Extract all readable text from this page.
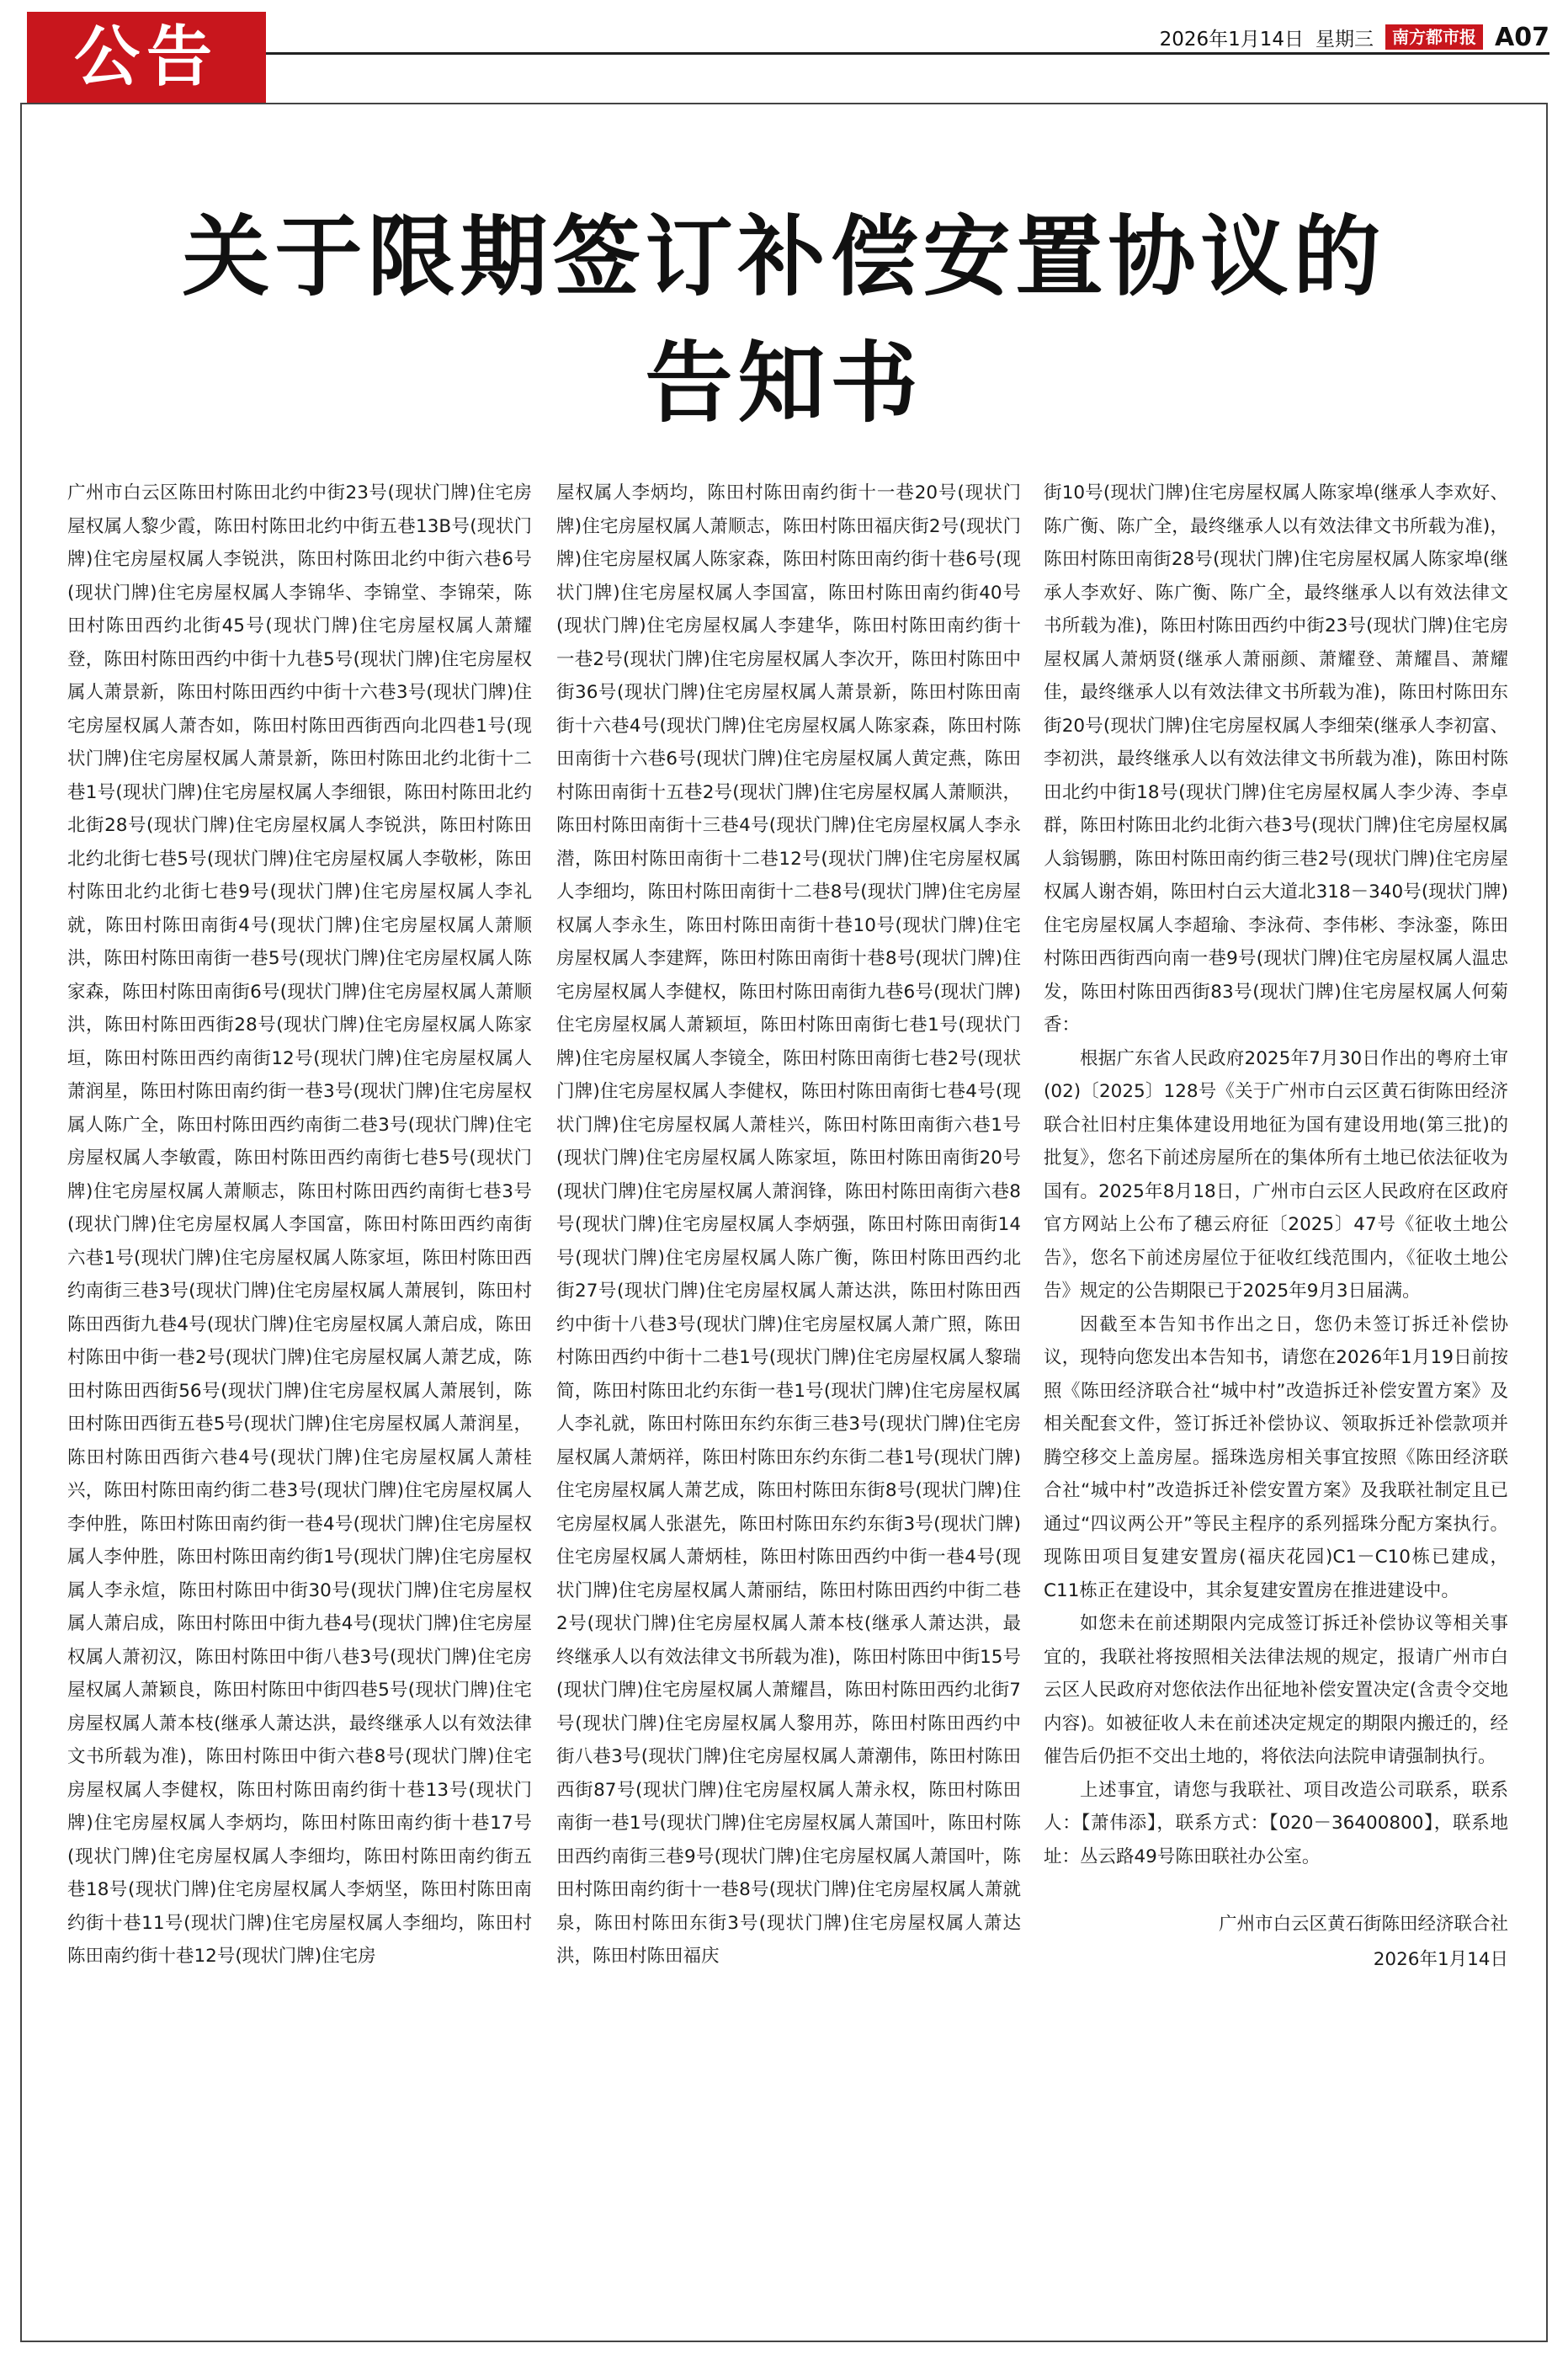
公告	2026年1月14日 星期三	南方都市报 A07
关于限期签订补偿安置协议的
告知书

广州市白云区陈田村陈田北约中街23号(现状门牌)住宅房屋权属人黎少霞，陈田村陈田北约中街五巷13B号(现状门牌)住宅房屋权属人李锐洪，陈田村陈田北约中街六巷6号(现状门牌)住宅房屋权属人李锦华、李锦堂、李锦荣，陈田村陈田西约北街45号(现状门牌)住宅房屋权属人萧耀登，陈田村陈田西约中街十九巷5号(现状门牌)住宅房屋权属人萧景新，陈田村陈田西约中街十六巷3号(现状门牌)住宅房屋权属人萧杏如，陈田村陈田西街西向北四巷1号(现状门牌)住宅房屋权属人萧景新，陈田村陈田北约北街十二巷1号(现状门牌)住宅房屋权属人李细银，陈田村陈田北约北街28号(现状门牌)住宅房屋权属人李锐洪，陈田村陈田北约北街七巷5号(现状门牌)住宅房屋权属人李敬彬，陈田村陈田北约北街七巷9号(现状门牌)住宅房屋权属人李礼就，陈田村陈田南街4号(现状门牌)住宅房屋权属人萧顺洪，陈田村陈田南街一巷5号(现状门牌)住宅房屋权属人陈家森，陈田村陈田南街6号(现状门牌)住宅房屋权属人萧顺洪，陈田村陈田西街28号(现状门牌)住宅房屋权属人陈家垣，陈田村陈田西约南街12号(现状门牌)住宅房屋权属人萧润星，陈田村陈田南约街一巷3号(现状门牌)住宅房屋权属人陈广全，陈田村陈田西约南街二巷3号(现状门牌)住宅房屋权属人李敏霞，陈田村陈田西约南街七巷5号(现状门牌)住宅房屋权属人萧顺志，陈田村陈田西约南街七巷3号(现状门牌)住宅房屋权属人李国富，陈田村陈田西约南街六巷1号(现状门牌)住宅房屋权属人陈家垣，陈田村陈田西约南街三巷3号(现状门牌)住宅房屋权属人萧展钊，陈田村陈田西街九巷4号(现状门牌)住宅房屋权属人萧启成，陈田村陈田中街一巷2号(现状门牌)住宅房屋权属人萧艺成，陈田村陈田西街56号(现状门牌)住宅房屋权属人萧展钊，陈田村陈田西街五巷5号(现状门牌)住宅房屋权属人萧润星，陈田村陈田西街六巷4号(现状门牌)住宅房屋权属人萧桂兴，陈田村陈田南约街二巷3号(现状门牌)住宅房屋权属人李仲胜，陈田村陈田南约街一巷4号(现状门牌)住宅房屋权属人李仲胜，陈田村陈田南约街1号(现状门牌)住宅房屋权属人李永煊，陈田村陈田中街30号(现状门牌)住宅房屋权属人萧启成，陈田村陈田中街九巷4号(现状门牌)住宅房屋权属人萧初汉，陈田村陈田中街八巷3号(现状门牌)住宅房屋权属人萧颖良，陈田村陈田中街四巷5号(现状门牌)住宅房屋权属人萧本枝(继承人萧达洪，最终继承人以有效法律文书所载为准)，陈田村陈田中街六巷8号(现状门牌)住宅房屋权属人李健权，陈田村陈田南约街十巷13号(现状门牌)住宅房屋权属人李炳均，陈田村陈田南约街十巷17号(现状门牌)住宅房屋权属人李细均，陈田村陈田南约街五巷18号(现状门牌)住宅房屋权属人李炳坚，陈田村陈田南约街十巷11号(现状门牌)住宅房屋权属人李细均，陈田村陈田南约街十巷12号(现状门牌)住宅房

屋权属人李炳均，陈田村陈田南约街十一巷20号(现状门牌)住宅房屋权属人萧顺志，陈田村陈田福庆街2号(现状门牌)住宅房屋权属人陈家森，陈田村陈田南约街十巷6号(现状门牌)住宅房屋权属人李国富，陈田村陈田南约街40号(现状门牌)住宅房屋权属人李建华，陈田村陈田南约街十一巷2号(现状门牌)住宅房屋权属人李次开，陈田村陈田中街36号(现状门牌)住宅房屋权属人萧景新，陈田村陈田南街十六巷4号(现状门牌)住宅房屋权属人陈家森，陈田村陈田南街十六巷6号(现状门牌)住宅房屋权属人黄定燕，陈田村陈田南街十五巷2号(现状门牌)住宅房屋权属人萧顺洪，陈田村陈田南街十三巷4号(现状门牌)住宅房屋权属人李永潜，陈田村陈田南街十二巷12号(现状门牌)住宅房屋权属人李细均，陈田村陈田南街十二巷8号(现状门牌)住宅房屋权属人李永生，陈田村陈田南街十巷10号(现状门牌)住宅房屋权属人李建辉，陈田村陈田南街十巷8号(现状门牌)住宅房屋权属人李健权，陈田村陈田南街九巷6号(现状门牌)住宅房屋权属人萧颖垣，陈田村陈田南街七巷1号(现状门牌)住宅房屋权属人李镜全，陈田村陈田南街七巷2号(现状门牌)住宅房屋权属人李健权，陈田村陈田南街七巷4号(现状门牌)住宅房屋权属人萧桂兴，陈田村陈田南街六巷1号(现状门牌)住宅房屋权属人陈家垣，陈田村陈田南街20号(现状门牌)住宅房屋权属人萧润锋，陈田村陈田南街六巷8号(现状门牌)住宅房屋权属人李炳强，陈田村陈田南街14号(现状门牌)住宅房屋权属人陈广衡，陈田村陈田西约北街27号(现状门牌)住宅房屋权属人萧达洪，陈田村陈田西约中街十八巷3号(现状门牌)住宅房屋权属人萧广照，陈田村陈田西约中街十二巷1号(现状门牌)住宅房屋权属人黎瑞简，陈田村陈田北约东街一巷1号(现状门牌)住宅房屋权属人李礼就，陈田村陈田东约东街三巷3号(现状门牌)住宅房屋权属人萧炳祥，陈田村陈田东约东街二巷1号(现状门牌)住宅房屋权属人萧艺成，陈田村陈田东街8号(现状门牌)住宅房屋权属人张湛先，陈田村陈田东约东街3号(现状门牌)住宅房屋权属人萧炳桂，陈田村陈田西约中街一巷4号(现状门牌)住宅房屋权属人萧丽结，陈田村陈田西约中街二巷2号(现状门牌)住宅房屋权属人萧本枝(继承人萧达洪，最终继承人以有效法律文书所载为准)，陈田村陈田中街15号(现状门牌)住宅房屋权属人萧耀昌，陈田村陈田西约北街7号(现状门牌)住宅房屋权属人黎用苏，陈田村陈田西约中街八巷3号(现状门牌)住宅房屋权属人萧潮伟，陈田村陈田西街87号(现状门牌)住宅房屋权属人萧永权，陈田村陈田南街一巷1号(现状门牌)住宅房屋权属人萧国叶，陈田村陈田西约南街三巷9号(现状门牌)住宅房屋权属人萧国叶，陈田村陈田南约街十一巷8号(现状门牌)住宅房屋权属人萧就泉，陈田村陈田东街3号(现状门牌)住宅房屋权属人萧达洪，陈田村陈田福庆

街10号(现状门牌)住宅房屋权属人陈家埠(继承人李欢好、陈广衡、陈广全，最终继承人以有效法律文书所载为准)，陈田村陈田南街28号(现状门牌)住宅房屋权属人陈家埠(继承人李欢好、陈广衡、陈广全，最终继承人以有效法律文书所载为准)，陈田村陈田西约中街23号(现状门牌)住宅房屋权属人萧炳贤(继承人萧丽颜、萧耀登、萧耀昌、萧耀佳，最终继承人以有效法律文书所载为准)，陈田村陈田东街20号(现状门牌)住宅房屋权属人李细荣(继承人李初富、李初洪，最终继承人以有效法律文书所载为准)，陈田村陈田北约中街18号(现状门牌)住宅房屋权属人李少涛、李卓群，陈田村陈田北约北街六巷3号(现状门牌)住宅房屋权属人翁锡鹏，陈田村陈田南约街三巷2号(现状门牌)住宅房屋权属人谢杏娟，陈田村白云大道北318－340号(现状门牌)住宅房屋权属人李超瑜、李泳荷、李伟彬、李泳銮，陈田村陈田西街西向南一巷9号(现状门牌)住宅房屋权属人温忠发，陈田村陈田西街83号(现状门牌)住宅房屋权属人何菊香：

根据广东省人民政府2025年7月30日作出的粤府土审(02)〔2025〕128号《关于广州市白云区黄石街陈田经济联合社旧村庄集体建设用地征为国有建设用地(第三批)的批复》，您名下前述房屋所在的集体所有土地已依法征收为国有。2025年8月18日，广州市白云区人民政府在区政府官方网站上公布了穗云府征〔2025〕47号《征收土地公告》，您名下前述房屋位于征收红线范围内，《征收土地公告》规定的公告期限已于2025年9月3日届满。

因截至本告知书作出之日，您仍未签订拆迁补偿协议，现特向您发出本告知书，请您在2026年1月19日前按照《陈田经济联合社“城中村”改造拆迁补偿安置方案》及相关配套文件，签订拆迁补偿协议、领取拆迁补偿款项并腾空移交上盖房屋。摇珠选房相关事宜按照《陈田经济联合社“城中村”改造拆迁补偿安置方案》及我联社制定且已通过“四议两公开”等民主程序的系列摇珠分配方案执行。现陈田项目复建安置房(福庆花园)C1－C10栋已建成，C11栋正在建设中，其余复建安置房在推进建设中。

如您未在前述期限内完成签订拆迁补偿协议等相关事宜的，我联社将按照相关法律法规的规定，报请广州市白云区人民政府对您依法作出征地补偿安置决定(含责令交地内容)。如被征收人未在前述决定规定的期限内搬迁的，经催告后仍拒不交出土地的，将依法向法院申请强制执行。

上述事宜，请您与我联社、项目改造公司联系，联系人：【萧伟添】，联系方式：【020－36400800】，联系地址：丛云路49号陈田联社办公室。

广州市白云区黄石街陈田经济联合社
2026年1月14日
